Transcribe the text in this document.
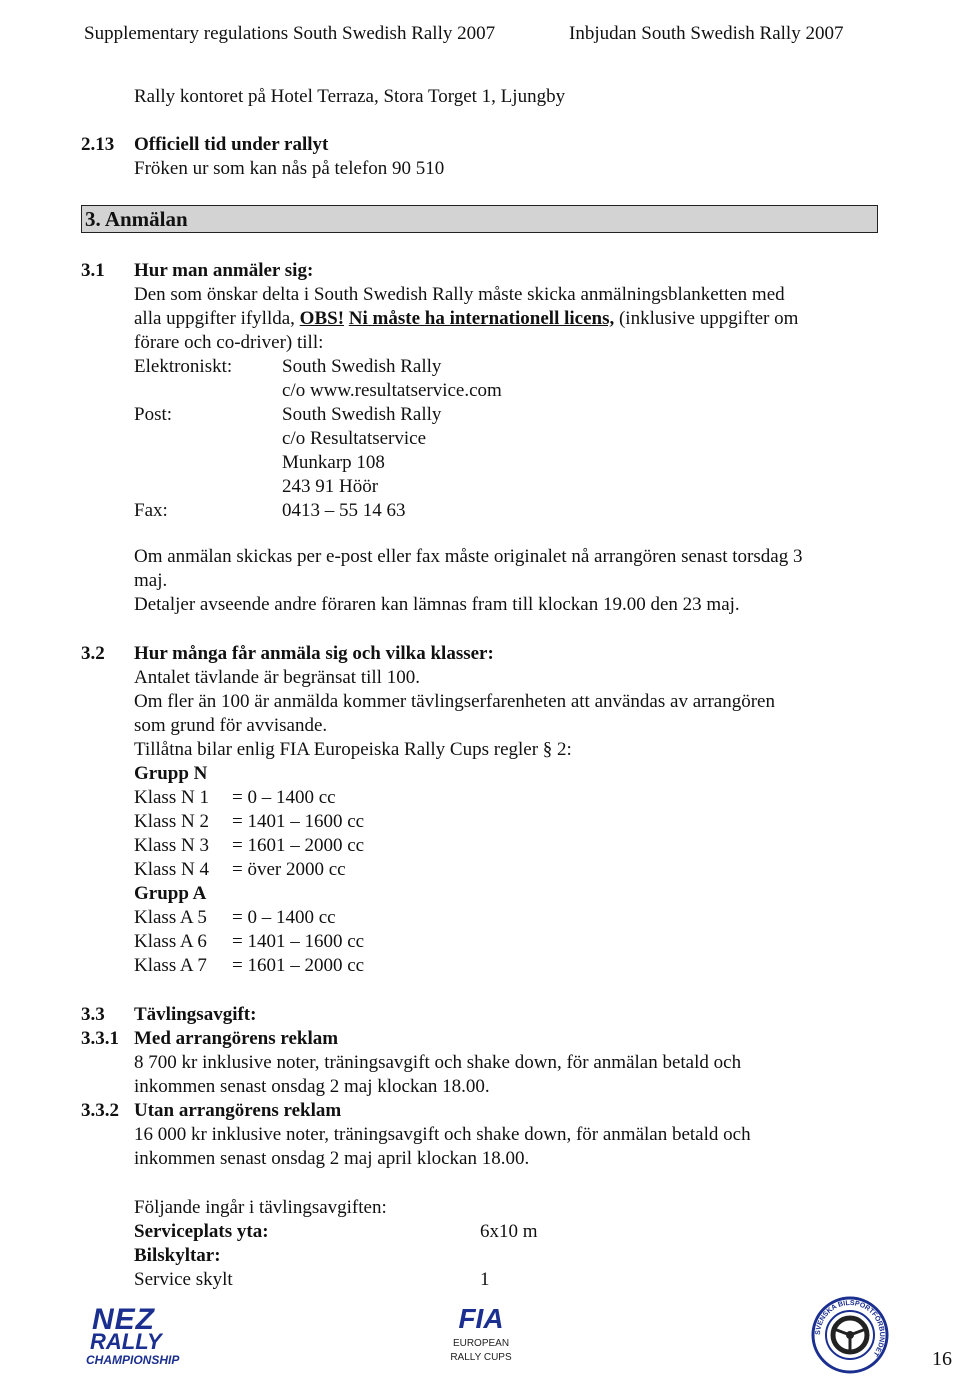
Supplementary regulations South Swedish Rally 2007	Inbjudan South Swedish Rally 2007
Rally kontoret på Hotel Terraza, Stora Torget 1, Ljungby
2.13 Officiell tid under rallyt
Fröken ur som kan nås på telefon 90 510
3. Anmälan
3.1 Hur man anmäler sig:
Den som önskar delta i South Swedish Rally måste skicka anmälningsblanketten med
alla uppgifter ifyllda, OBS! Ni måste ha internationell licens, (inklusive uppgifter om
förare och co-driver) till:
Elektroniskt:	South Swedish Rally
c/o www.resultatservice.com
Post:	South Swedish Rally
c/o Resultatservice
Munkarp 108
243 91 Höör
Fax:	0413 – 55 14 63
Om anmälan skickas per e-post eller fax måste originalet nå arrangören senast torsdag 3
maj.
Detaljer avseende andre föraren kan lämnas fram till klockan 19.00 den 23 maj.
3.2 Hur många får anmäla sig och vilka klasser:
Antalet tävlande är begränsat till 100.
Om fler än 100 är anmälda kommer tävlingserfarenheten att användas av arrangören
som grund för avvisande.
Tillåtna bilar enlig FIA Europeiska Rally Cups regler § 2:
Grupp N
Klass N 1 = 0 – 1400 cc
Klass N 2 = 1401 – 1600 cc
Klass N 3 = 1601 – 2000 cc
Klass N 4 = över 2000 cc
Grupp A
Klass A 5 = 0 – 1400 cc
Klass A 6 = 1401 – 1600 cc
Klass A 7 = 1601 – 2000 cc
3.3 Tävlingsavgift:
3.3.1 Med arrangörens reklam
8 700 kr inklusive noter, träningsavgift och shake down, för anmälan betald och
inkommen senast onsdag 2 maj klockan 18.00.
3.3.2 Utan arrangörens reklam
16 000 kr inklusive noter, träningsavgift och shake down, för anmälan betald och
inkommen senast onsdag 2 maj april klockan 18.00.
Följande ingår i tävlingsavgiften:
Serviceplats yta:	6x10 m
Bilskyltar:
Service skylt	1
NEZ
RALLY
CHAMPIONSHIP
FIA
EUROPEAN
RALLY CUPS
SVENSKA BILSPORTFÖRBUNDET	16
